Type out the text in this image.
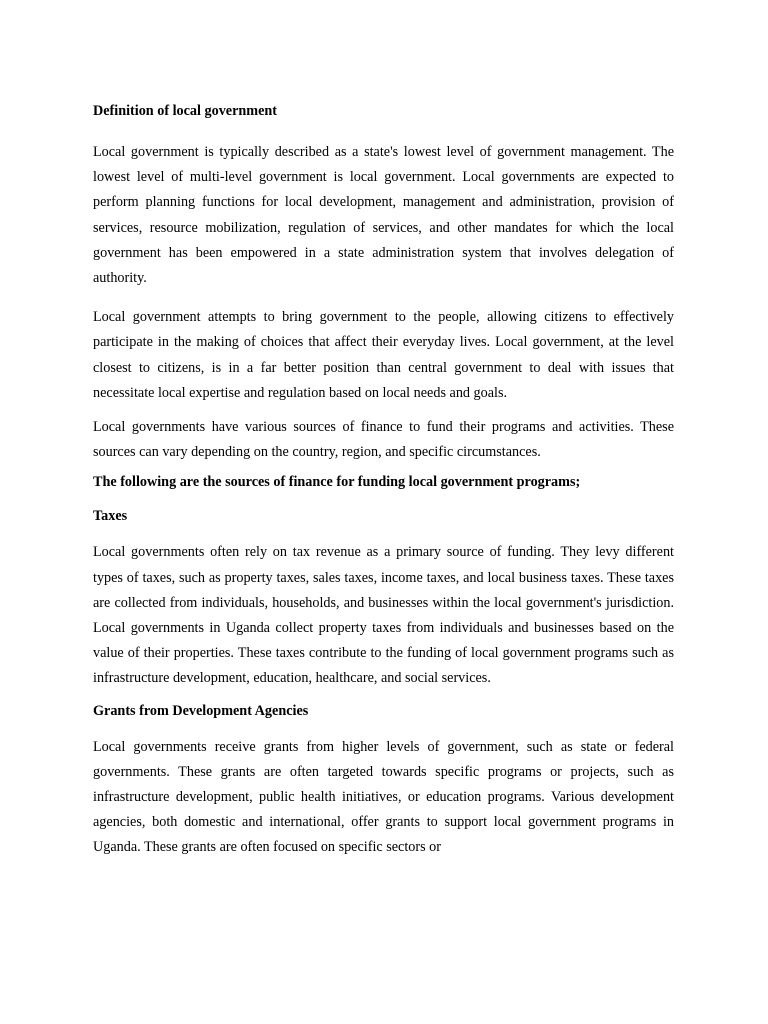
Definition of local government

Local government is typically described as a state's lowest level of government management. The lowest level of multi-level government is local government. Local governments are expected to perform planning functions for local development, management and administration, provision of services, resource mobilization, regulation of services, and other mandates for which the local government has been empowered in a state administration system that involves delegation of authority.

Local government attempts to bring government to the people, allowing citizens to effectively participate in the making of choices that affect their everyday lives. Local government, at the level closest to citizens, is in a far better position than central government to deal with issues that necessitate local expertise and regulation based on local needs and goals.

Local governments have various sources of finance to fund their programs and activities. These sources can vary depending on the country, region, and specific circumstances.

The following are the sources of finance for funding local government programs;

Taxes

Local governments often rely on tax revenue as a primary source of funding. They levy different types of taxes, such as property taxes, sales taxes, income taxes, and local business taxes. These taxes are collected from individuals, households, and businesses within the local government's jurisdiction. Local governments in Uganda collect property taxes from individuals and businesses based on the value of their properties. These taxes contribute to the funding of local government programs such as infrastructure development, education, healthcare, and social services.

Grants from Development Agencies

Local governments receive grants from higher levels of government, such as state or federal governments. These grants are often targeted towards specific programs or projects, such as infrastructure development, public health initiatives, or education programs. Various development agencies, both domestic and international, offer grants to support local government programs in Uganda. These grants are often focused on specific sectors or
